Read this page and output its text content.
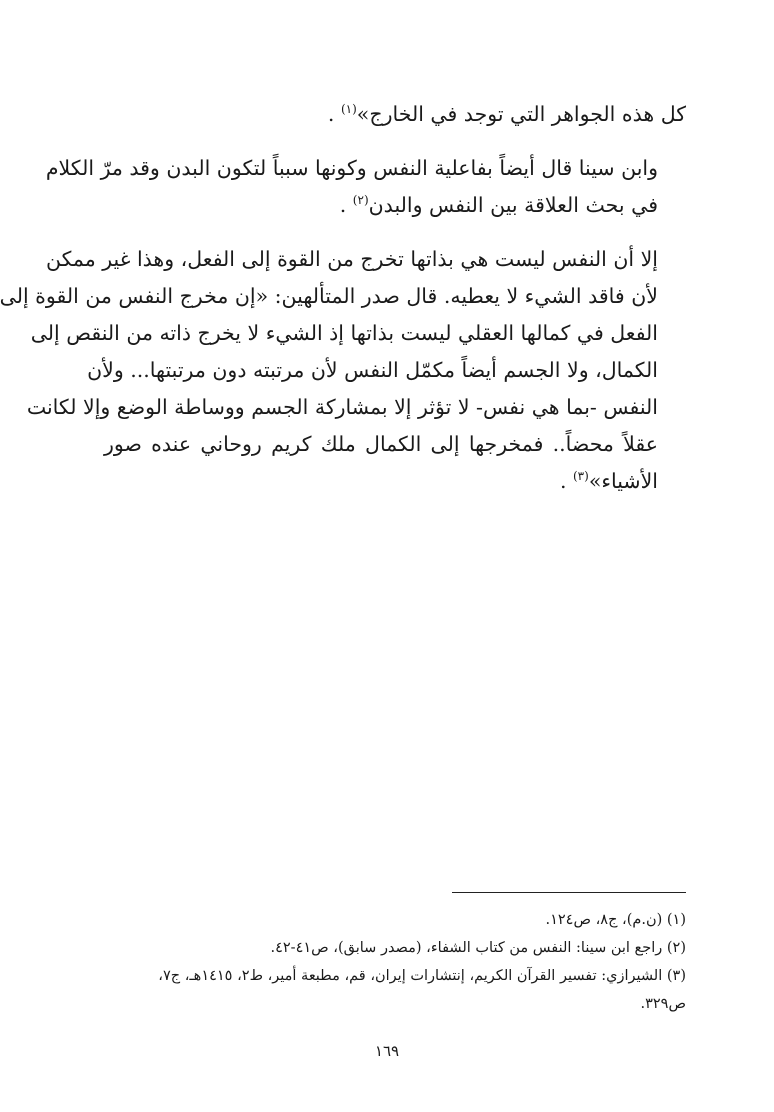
كل هذه الجواهر التي توجد في الخارج»$^{(١)}$ .

وابن سينا قال أيضاً بفاعلية النفس وكونها سبباً لتكون البدن وقد مرّ الكلام
في بحث العلاقة بين النفس والبدن$^{(٢)}$ .

إلا أن النفس ليست هي بذاتها تخرج من القوة إلى الفعل، وهذا غير ممكن
لأن فاقد الشيء لا يعطيه. قال صدر المتألهين: «إن مخرج النفس من القوة إلى
الفعل في كمالها العقلي ليست بذاتها إذ الشيء لا يخرج ذاته من النقص إلى
الكمال، ولا الجسم أيضاً مكمّل النفس لأن مرتبته دون مرتبتها... ولأن
النفس -بما هي نفس- لا تؤثر إلا بمشاركة الجسم ووساطة الوضع وإلا لكانت
عقلاً محضاً.. فمخرجها إلى الكمال ملك كريم روحاني عنده صور
الأشياء»$^{(٣)}$ .

(١) (ن.م)، ج٨، ص١٢٤.

(٢) راجع ابن سينا: النفس من كتاب الشفاء، (مصدر سابق)، ص٤١-٤٢.

(٣) الشيرازي: تفسير القرآن الكريم، إنتشارات إيران، قم، مطبعة أمير، ط٢، ١٤١٥هـ، ج٧،

ص٣٢٩.

١٦٩
